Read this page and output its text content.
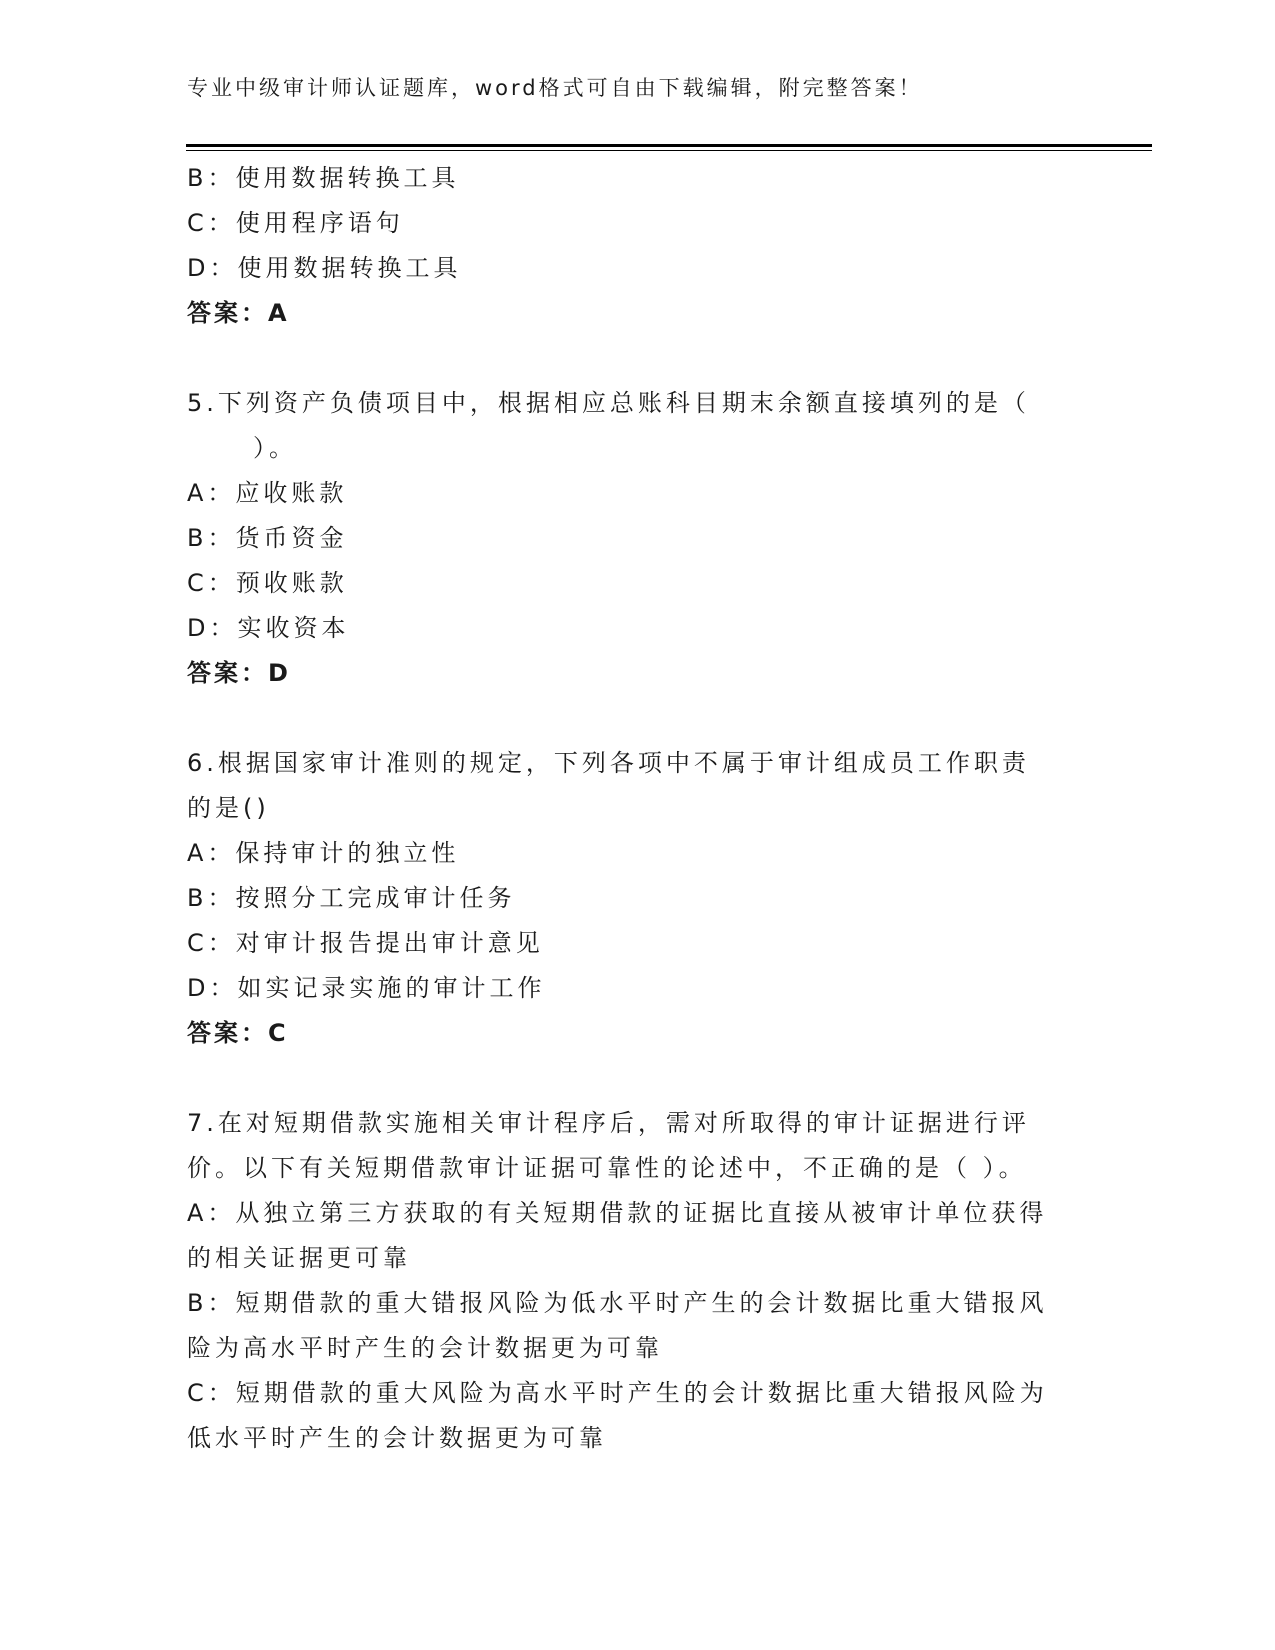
专业中级审计师认证题库，word格式可自由下载编辑，附完整答案！
B：使用数据转换工具
C：使用程序语句
D：使用数据转换工具
答案：A
5.下列资产负债项目中，根据相应总账科目期末余额直接填列的是（
）。
A：应收账款
B：货币资金
C：预收账款
D：实收资本
答案：D
6.根据国家审计准则的规定，下列各项中不属于审计组成员工作职责
的是()
A：保持审计的独立性
B：按照分工完成审计任务
C：对审计报告提出审计意见
D：如实记录实施的审计工作
答案：C
7.在对短期借款实施相关审计程序后，需对所取得的审计证据进行评
价。以下有关短期借款审计证据可靠性的论述中，不正确的是（ ）。
A：从独立第三方获取的有关短期借款的证据比直接从被审计单位获得
的相关证据更可靠
B：短期借款的重大错报风险为低水平时产生的会计数据比重大错报风
险为高水平时产生的会计数据更为可靠
C：短期借款的重大风险为高水平时产生的会计数据比重大错报风险为
低水平时产生的会计数据更为可靠
